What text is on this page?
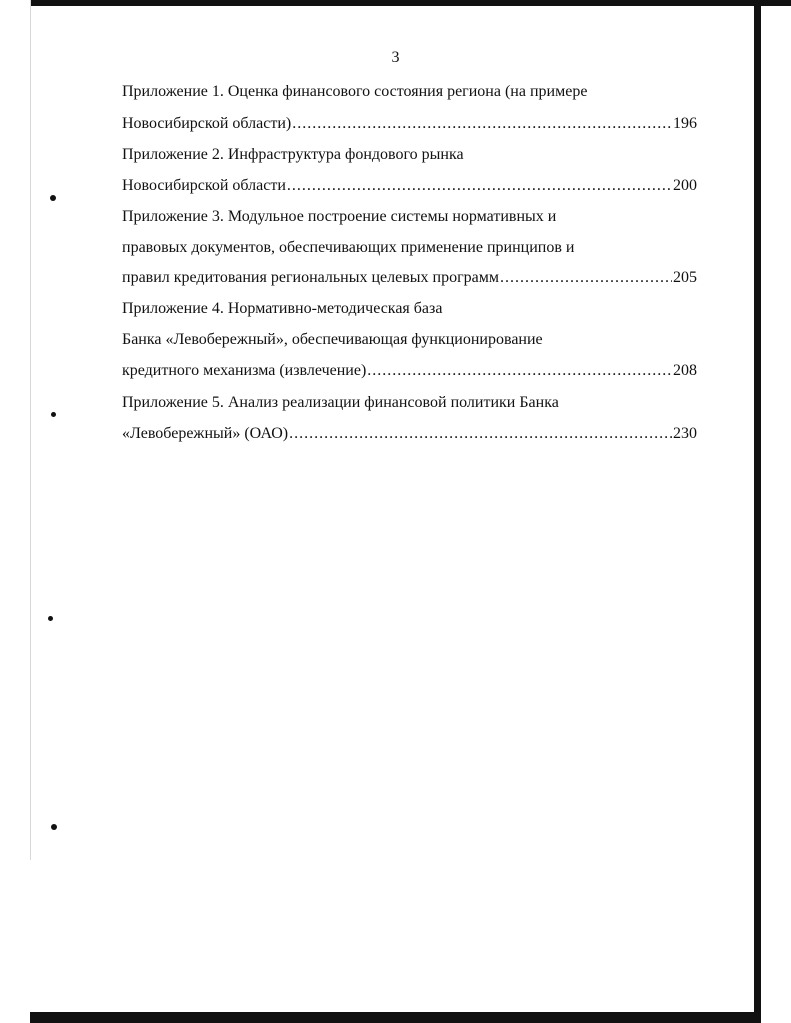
3
Приложение 1. Оценка финансового состояния региона (на примере
Новосибирской области) .....	196
Приложение 2. Инфраструктура фондового рынка
Новосибирской области .....	200
Приложение 3. Модульное построение системы нормативных и
правовых документов, обеспечивающих применение принципов и
правил кредитования региональных целевых программ .....	205
Приложение 4. Нормативно-методическая база
Банка «Левобережный», обеспечивающая функционирование
кредитного механизма (извлечение) .....	208
Приложение 5. Анализ реализации финансовой политики Банка
«Левобережный» (ОАО) .....	230
